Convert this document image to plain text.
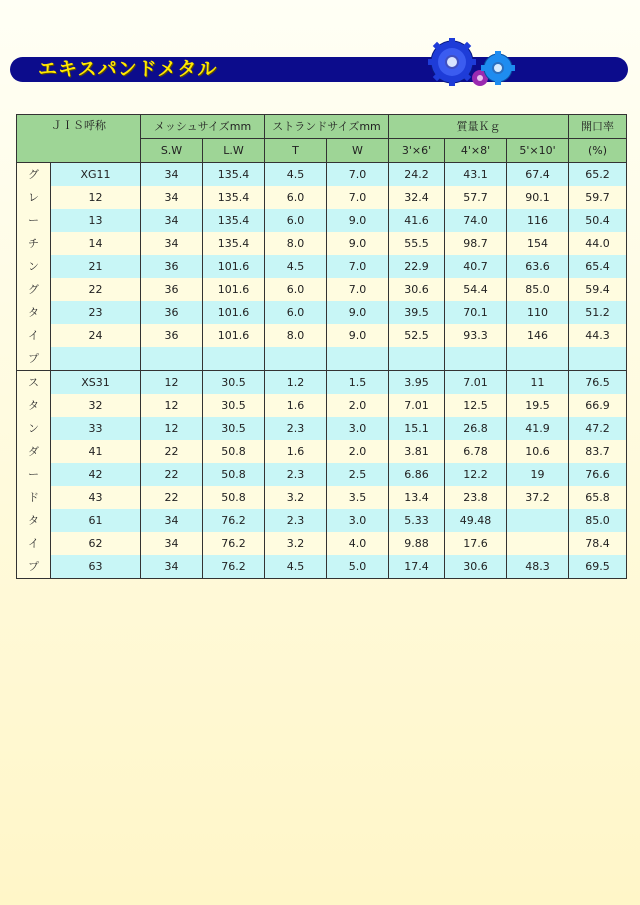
エキスパンドメタル
ＪＩＳ呼称		メッシュサイズmm		ストランドサイズmm		質量Ｋｇ			開口率
		S.W	L.W	T	W	3'×6'	4'×8'	5'×10'	(%)
グ	XG11	34	135.4	4.5	7.0	24.2	43.1	67.4	65.2
レ	12	34	135.4	6.0	7.0	32.4	57.7	90.1	59.7
ー	13	34	135.4	6.0	9.0	41.6	74.0	116	50.4
チ	14	34	135.4	8.0	9.0	55.5	98.7	154	44.0
ン	21	36	101.6	4.5	7.0	22.9	40.7	63.6	65.4
グ	22	36	101.6	6.0	7.0	30.6	54.4	85.0	59.4
タ	23	36	101.6	6.0	9.0	39.5	70.1	110	51.2
イ	24	36	101.6	8.0	9.0	52.5	93.3	146	44.3
プ									
ス	XS31	12	30.5	1.2	1.5	3.95	7.01	11	76.5
タ	32	12	30.5	1.6	2.0	7.01	12.5	19.5	66.9
ン	33	12	30.5	2.3	3.0	15.1	26.8	41.9	47.2
ダ	41	22	50.8	1.6	2.0	3.81	6.78	10.6	83.7
ー	42	22	50.8	2.3	2.5	6.86	12.2	19	76.6
ド	43	22	50.8	3.2	3.5	13.4	23.8	37.2	65.8
タ	61	34	76.2	2.3	3.0	5.33	49.48		85.0
イ	62	34	76.2	3.2	4.0	9.88	17.6		78.4
プ	63	34	76.2	4.5	5.0	17.4	30.6	48.3	69.5
